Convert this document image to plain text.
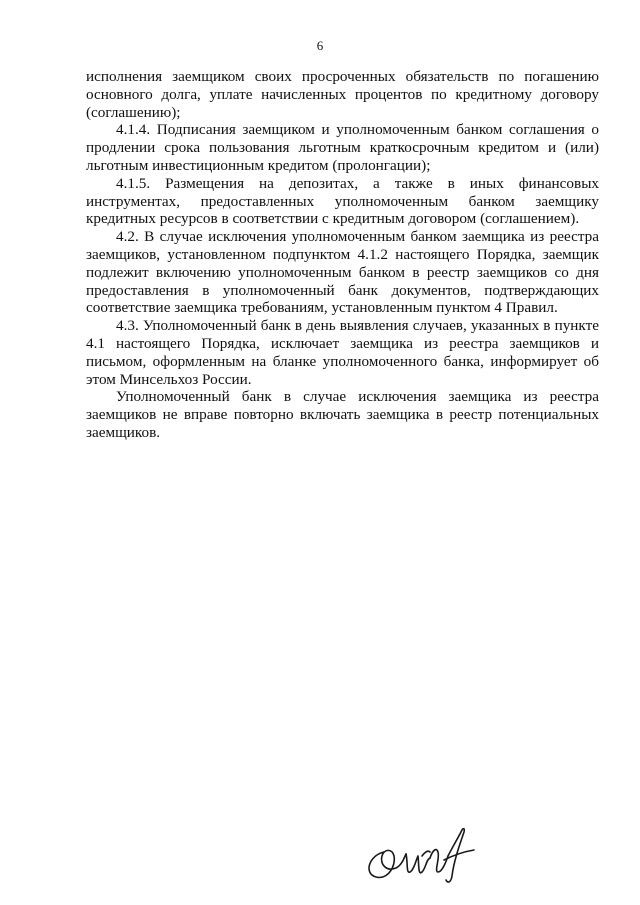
6

исполнения заемщиком своих просроченных обязательств по погашению основного долга, уплате начисленных процентов по кредитному договору (соглашению);

4.1.4. Подписания заемщиком и уполномоченным банком соглашения о продлении срока пользования льготным краткосрочным кредитом и (или) льготным инвестиционным кредитом (пролонгации);

4.1.5. Размещения на депозитах, а также в иных финансовых инструментах, предоставленных уполномоченным банком заемщику кредитных ресурсов в соответствии с кредитным договором (соглашением).

4.2. В случае исключения уполномоченным банком заемщика из реестра заемщиков, установленном подпунктом 4.1.2 настоящего Порядка, заемщик подлежит включению уполномоченным банком в реестр заемщиков со дня предоставления в уполномоченный банк документов, подтверждающих соответствие заемщика требованиям, установленным пунктом 4 Правил.

4.3. Уполномоченный банк в день выявления случаев, указанных в пункте 4.1 настоящего Порядка, исключает заемщика из реестра заемщиков и письмом, оформленным на бланке уполномоченного банка, информирует об этом Минсельхоз России.

Уполномоченный банк в случае исключения заемщика из реестра заемщиков не вправе повторно включать заемщика в реестр потенциальных заемщиков.
